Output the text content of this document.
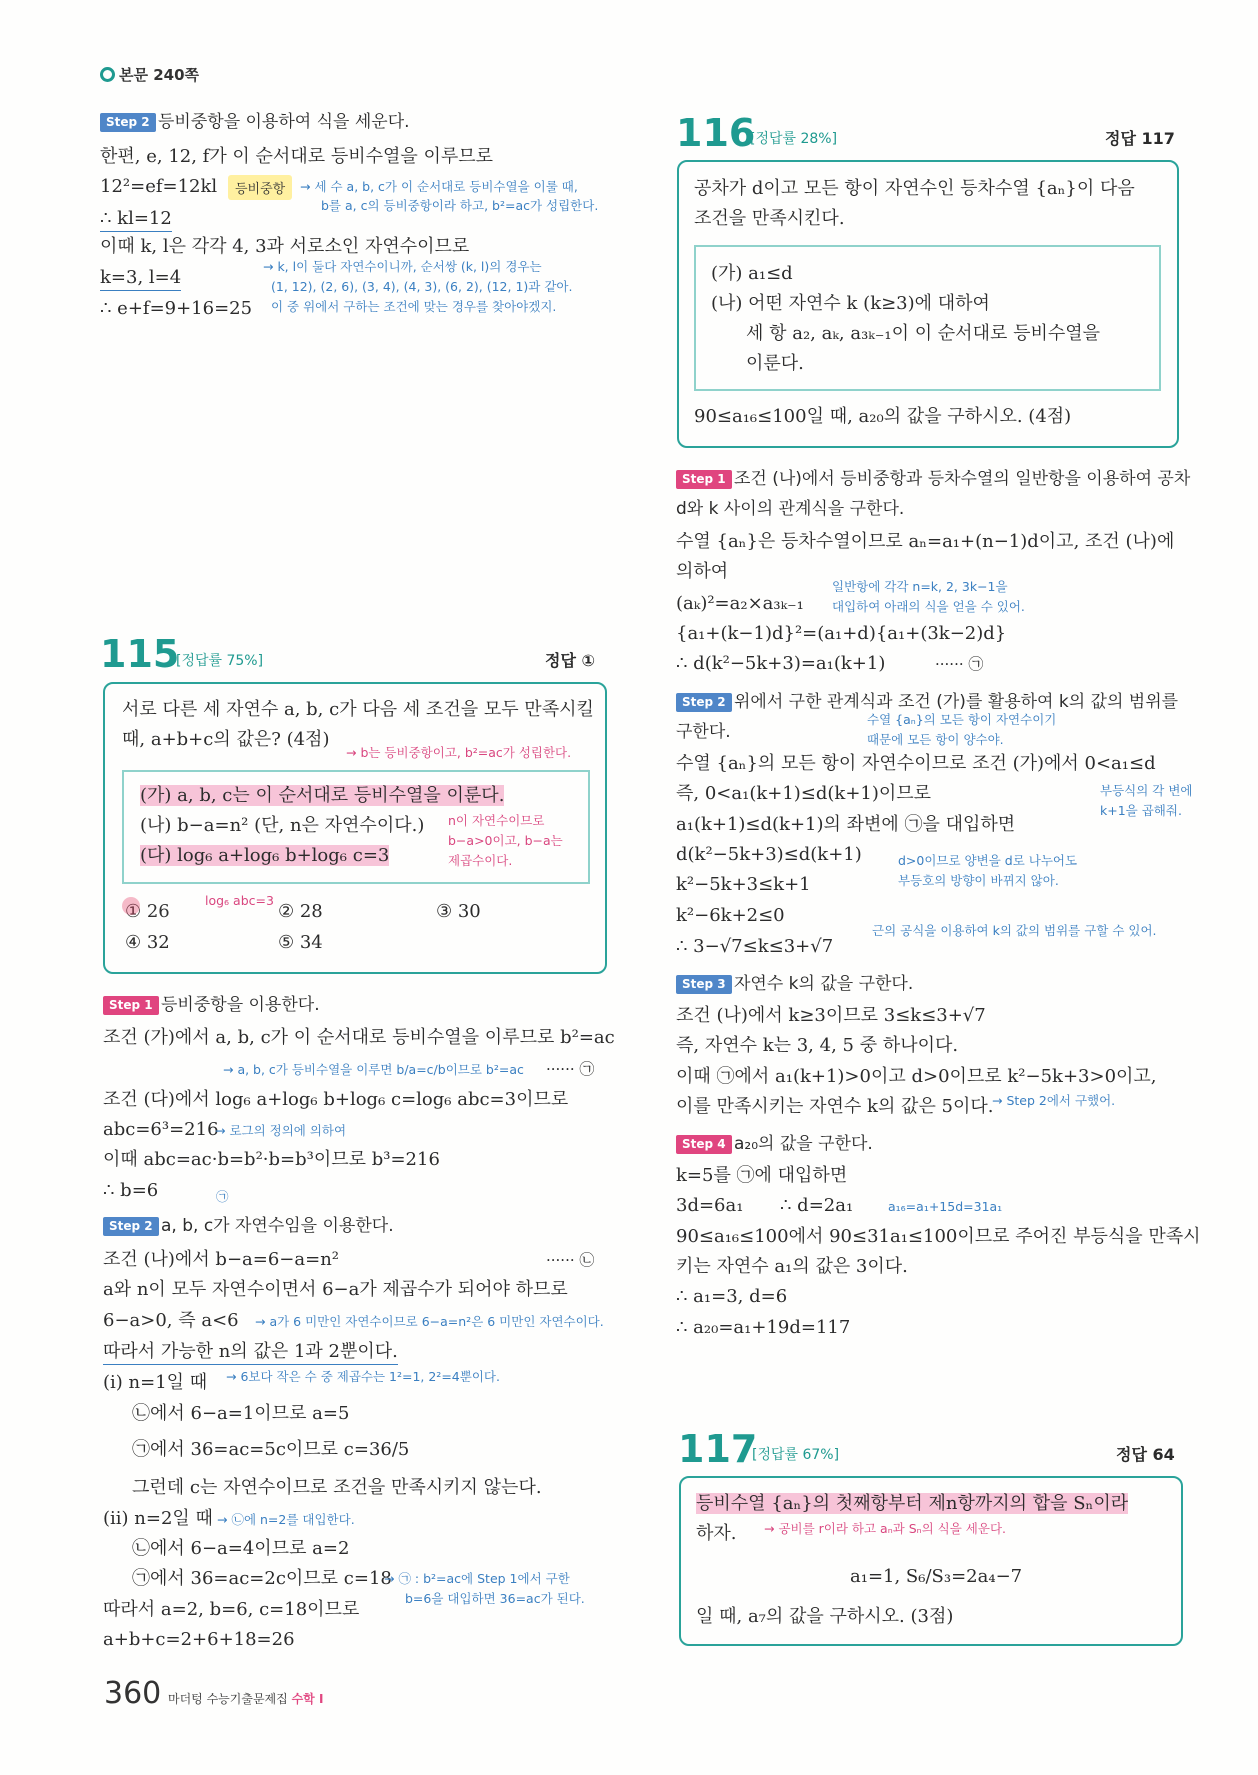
본문 240쪽
Step 2 등비중항을 이용하여 식을 세운다.
한편, e, 12, f가 이 순서대로 등비수열을 이루므로
12²=ef=12kl	등비중항	→ 세 수 a, b, c가 이 순서대로 등비수열을 이룰 때,
b를 a, c의 등비중항이라 하고, b²=ac가 성립한다.
∴ kl=12
이때 k, l은 각각 4, 3과 서로소인 자연수이므로
k=3, l=4
→ k, l이 둘다 자연수이니까, 순서쌍 (k, l)의 경우는
(1, 12), (2, 6), (3, 4), (4, 3), (6, 2), (12, 1)과 같아.
이 중 위에서 구하는 조건에 맞는 경우를 찾아야겠지.
∴ e+f=9+16=25
115
[정답률 75%]	정답 ①
서로 다른 세 자연수 a, b, c가 다음 세 조건을 모두 만족시킬
때, a+b+c의 값은? (4점)
→ b는 등비중항이고, b²=ac가 성립한다.
(가) a, b, c는 이 순서대로 등비수열을 이룬다.
(나) b−a=n² (단, n은 자연수이다.)
(다) log₆ a+log₆ b+log₆ c=3
n이 자연수이므로
b−a>0이고, b−a는
제곱수이다.
log₆ abc=3
① 26	② 28	③ 30
④ 32	⑤ 34
Step 1 등비중항을 이용한다.
조건 (가)에서 a, b, c가 이 순서대로 등비수열을 이루므로 b²=ac
→ a, b, c가 등비수열을 이루면 b/a=c/b이므로 b²=ac ······ ㉠
조건 (다)에서 log₆ a+log₆ b+log₆ c=log₆ abc=3이므로
abc=6³=216
→ 로그의 정의에 의하여
이때 abc=ac·b=b²·b=b³이므로 b³=216
∴ b=6	㉠
Step 2 a, b, c가 자연수임을 이용한다.
조건 (나)에서 b−a=6−a=n²	······ ㉡
a와 n이 모두 자연수이면서 6−a가 제곱수가 되어야 하므로
6−a>0, 즉 a<6 → a가 6 미만인 자연수이므로 6−a=n²은 6 미만인 자연수이다.
따라서 가능한 n의 값은 1과 2뿐이다.
→ 6보다 작은 수 중 제곱수는 1²=1, 2²=4뿐이다.
(ⅰ) n=1일 때
㉡에서 6−a=1이므로 a=5
㉠에서 36=ac=5c이므로 c=36/5
그런데 c는 자연수이므로 조건을 만족시키지 않는다.
(ⅱ) n=2일 때 → ㉡에 n=2를 대입한다.
㉡에서 6−a=4이므로 a=2
㉠에서 36=ac=2c이므로 c=18
→ ㉠ : b²=ac에 Step 1에서 구한
b=6을 대입하면 36=ac가 된다.
따라서 a=2, b=6, c=18이므로
a+b+c=2+6+18=26
116
[정답률 28%]	정답 117
공차가 d이고 모든 항이 자연수인 등차수열 {aₙ}이 다음
조건을 만족시킨다.
(가) a₁≤d
(나) 어떤 자연수 k (k≥3)에 대하여
세 항 a₂, aₖ, a₃ₖ₋₁이 이 순서대로 등비수열을
이룬다.
90≤a₁₆≤100일 때, a₂₀의 값을 구하시오. (4점)
Step 1 조건 (나)에서 등비중항과 등차수열의 일반항을 이용하여 공차
d와 k 사이의 관계식을 구한다.
수열 {aₙ}은 등차수열이므로 aₙ=a₁+(n−1)d이고, 조건 (나)에
의하여
(aₖ)²=a₂×a₃ₖ₋₁
일반항에 각각 n=k, 2, 3k−1을
대입하여 아래의 식을 얻을 수 있어.
{a₁+(k−1)d}²=(a₁+d){a₁+(3k−2)d}
∴ d(k²−5k+3)=a₁(k+1)	······ ㉠
Step 2 위에서 구한 관계식과 조건 (가)를 활용하여 k의 값의 범위를
구한다.
수열 {aₙ}의 모든 항이 자연수이기
때문에 모든 항이 양수야.
수열 {aₙ}의 모든 항이 자연수이므로 조건 (가)에서 0<a₁≤d
즉, 0<a₁(k+1)≤d(k+1)이므로	부등식의 각 변에
k+1을 곱해줘.
a₁(k+1)≤d(k+1)의 좌변에 ㉠을 대입하면
d(k²−5k+3)≤d(k+1)	d>0이므로 양변을 d로 나누어도
부등호의 방향이 바뀌지 않아.
k²−5k+3≤k+1
k²−6k+2≤0
근의 공식을 이용하여 k의 값의 범위를 구할 수 있어.
∴ 3−√7≤k≤3+√7
Step 3 자연수 k의 값을 구한다.
조건 (나)에서 k≥3이므로 3≤k≤3+√7
즉, 자연수 k는 3, 4, 5 중 하나이다.
이때 ㉠에서 a₁(k+1)>0이고 d>0이므로 k²−5k+3>0이고,
이를 만족시키는 자연수 k의 값은 5이다.
→ Step 2에서 구했어.
Step 4 a₂₀의 값을 구한다.
k=5를 ㉠에 대입하면
3d=6a₁ ∴ d=2a₁	a₁₆=a₁+15d=31a₁
90≤a₁₆≤100에서 90≤31a₁≤100이므로 주어진 부등식을 만족시
키는 자연수 a₁의 값은 3이다.
∴ a₁=3, d=6
∴ a₂₀=a₁+19d=117
117
[정답률 67%]	정답 64
등비수열 {aₙ}의 첫째항부터 제n항까지의 합을 Sₙ이라
하자. → 공비를 r이라 하고 aₙ과 Sₙ의 식을 세운다.
a₁=1, S₆/S₃=2a₄−7
일 때, a₇의 값을 구하시오. (3점)
360 마더텅 수능기출문제집 수학 Ⅰ
